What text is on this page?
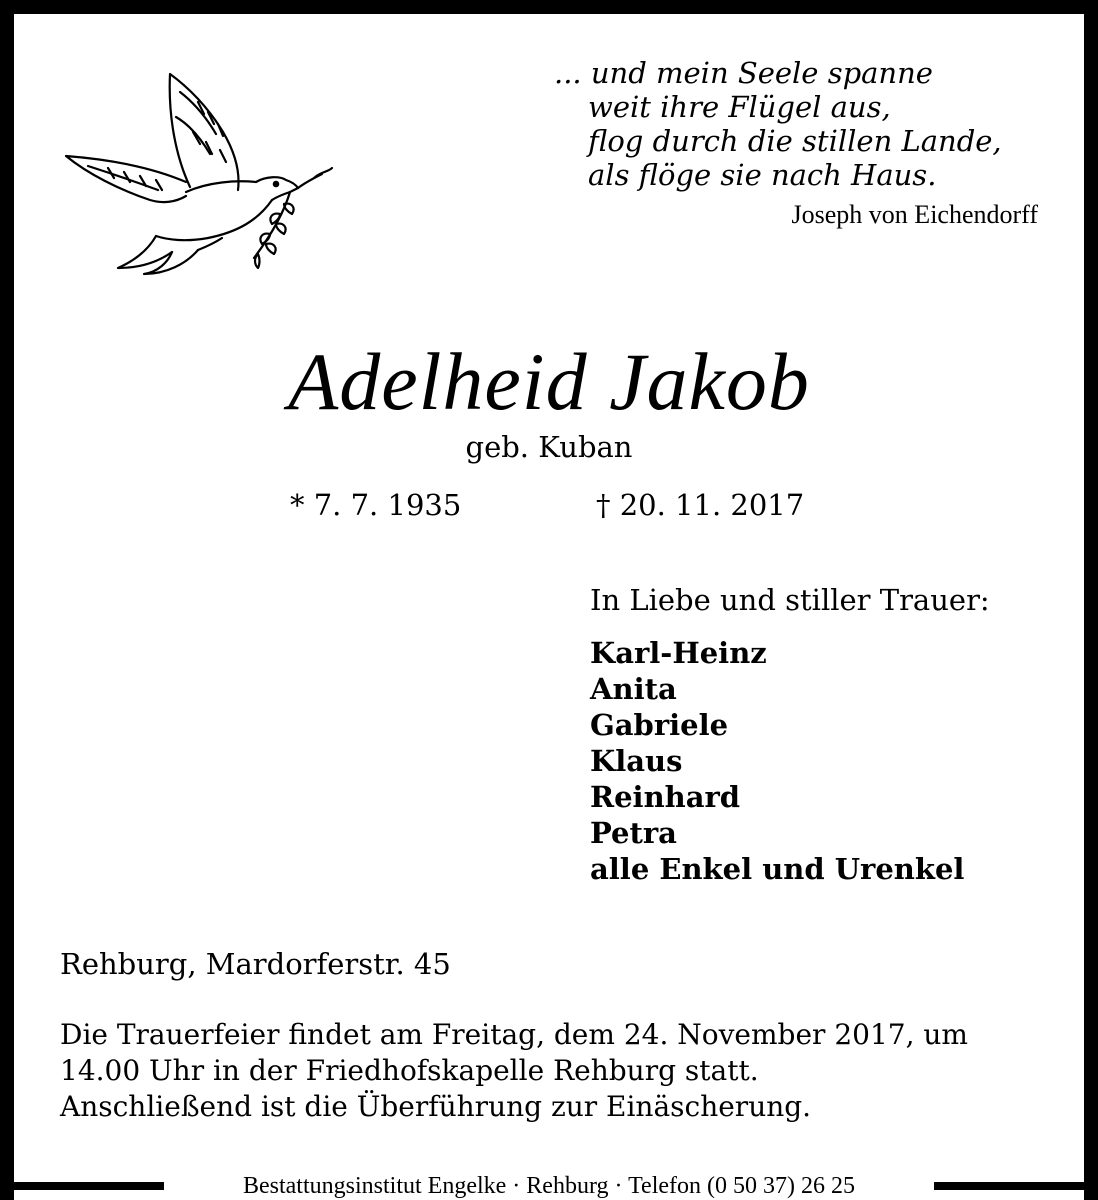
... und mein Seele spanne
weit ihre Flügel aus,
flog durch die stillen Lande,
als flöge sie nach Haus.
Joseph von Eichendorff
Adelheid Jakob
geb. Kuban
* 7. 7. 1935	† 20. 11. 2017
In Liebe und stiller Trauer:
Karl-Heinz
Anita
Gabriele
Klaus
Reinhard
Petra
alle Enkel und Urenkel
Rehburg, Mardorferstr. 45
Die Trauerfeier findet am Freitag, dem 24. November 2017, um
14.00 Uhr in der Friedhofskapelle Rehburg statt.
Anschließend ist die Überführung zur Einäscherung.
Bestattungsinstitut Engelke · Rehburg · Telefon (0 50 37) 26 25
